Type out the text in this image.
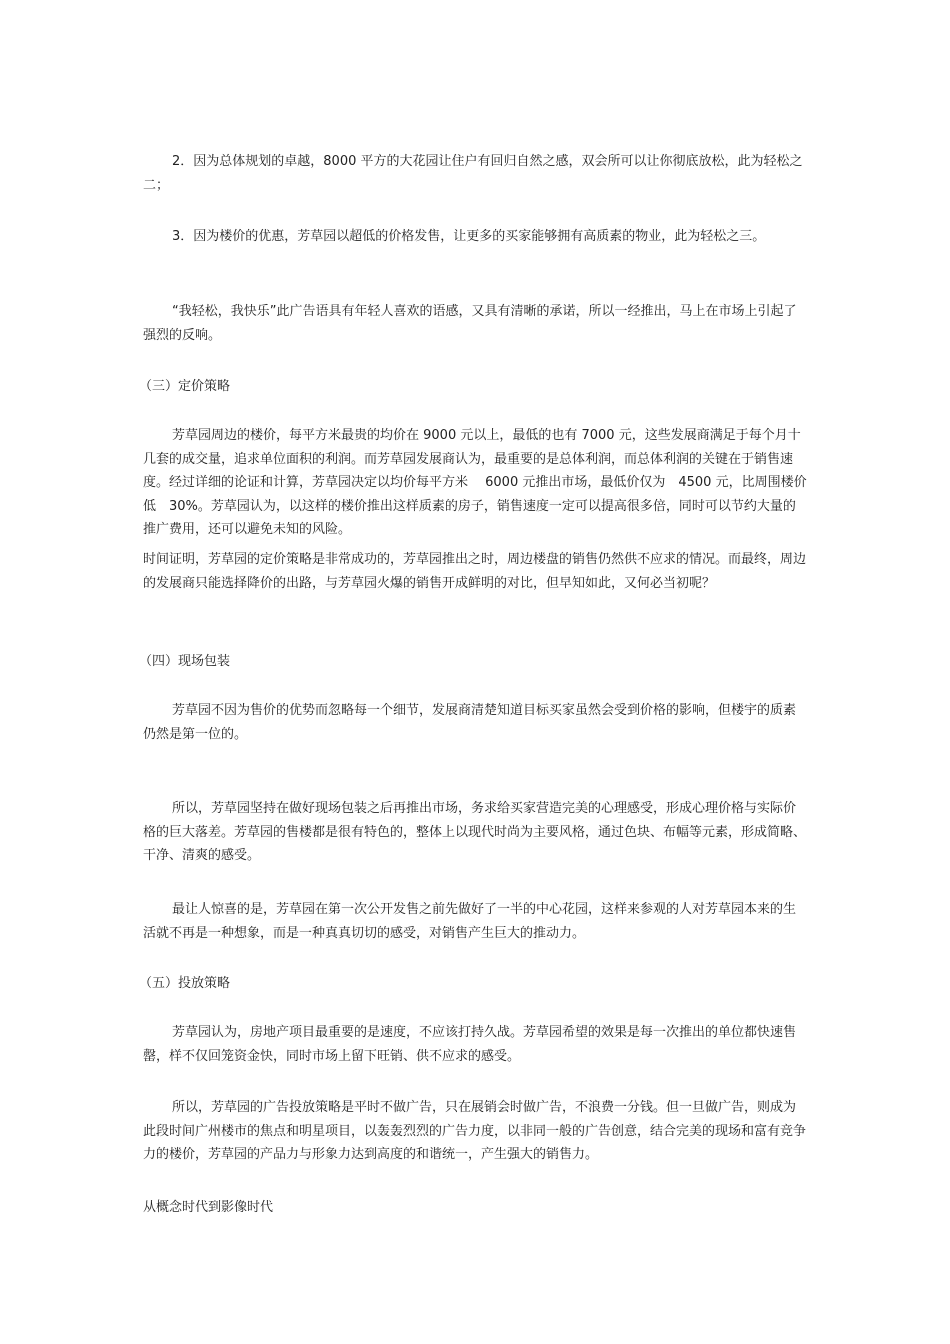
2．因为总体规划的卓越，8000 平方的大花园让住户有回归自然之感，双会所可以让你彻底放松，此为轻松之二；

3．因为楼价的优惠，芳草园以超低的价格发售，让更多的买家能够拥有高质素的物业，此为轻松之三。

“我轻松，我快乐”此广告语具有年轻人喜欢的语感，又具有清晰的承诺，所以一经推出，马上在市场上引起了强烈的反响。

（三）定价策略

芳草园周边的楼价，每平方米最贵的均价在 9000 元以上，最低的也有 7000 元，这些发展商满足于每个月十几套的成交量，追求单位面积的利润。而芳草园发展商认为，最重要的是总体利润，而总体利润的关键在于销售速度。经过详细的论证和计算，芳草园决定以均价每平方米 　6000 元推出市场，最低价仅为　4500 元，比周围楼价低　30%。芳草园认为，以这样的楼价推出这样质素的房子，销售速度一定可以提高很多倍，同时可以节约大量的推广费用，还可以避免未知的风险。

时间证明，芳草园的定价策略是非常成功的，芳草园推出之时，周边楼盘的销售仍然供不应求的情况。而最终，周边的发展商只能选择降价的出路，与芳草园火爆的销售开成鲜明的对比，但早知如此，又何必当初呢？

（四）现场包装

芳草园不因为售价的优势而忽略每一个细节，发展商清楚知道目标买家虽然会受到价格的影响，但楼宇的质素仍然是第一位的。

所以，芳草园坚持在做好现场包装之后再推出市场，务求给买家营造完美的心理感受，形成心理价格与实际价格的巨大落差。芳草园的售楼都是很有特色的，整体上以现代时尚为主要风格，通过色块、布幅等元素，形成简略、干净、清爽的感受。

最让人惊喜的是，芳草园在第一次公开发售之前先做好了一半的中心花园，这样来参观的人对芳草园本来的生活就不再是一种想象，而是一种真真切切的感受，对销售产生巨大的推动力。

（五）投放策略

芳草园认为，房地产项目最重要的是速度，不应该打持久战。芳草园希望的效果是每一次推出的单位都快速售罄，样不仅回笼资金快，同时市场上留下旺销、供不应求的感受。

所以，芳草园的广告投放策略是平时不做广告，只在展销会时做广告，不浪费一分钱。但一旦做广告，则成为此段时间广州楼市的焦点和明星项目，以轰轰烈烈的广告力度，以非同一般的广告创意，结合完美的现场和富有竞争力的楼价，芳草园的产品力与形象力达到高度的和谐统一，产生强大的销售力。

从概念时代到影像时代
